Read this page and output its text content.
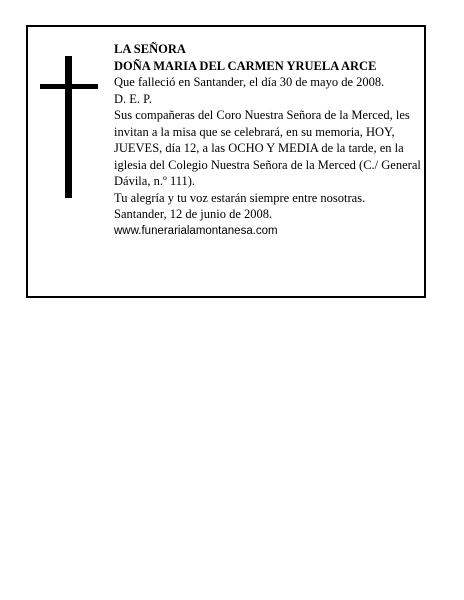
LA SEÑORA

DOÑA MARIA DEL CARMEN YRUELA ARCE

Que falleció en Santander, el día 30 de mayo de 2008.

D. E. P.

Sus compañeras del Coro Nuestra Señora de la Merced, les invitan a la misa que se celebrará, en su memoria, HOY, JUEVES, día 12, a las OCHO Y MEDIA de la tarde, en la iglesia del Colegio Nuestra Señora de la Merced (C./ General Dávila, n.º 111).

Tu alegría y tu voz estarán siempre entre nosotras.

Santander, 12 de junio de 2008.

www.funerarialamontanesa.com
